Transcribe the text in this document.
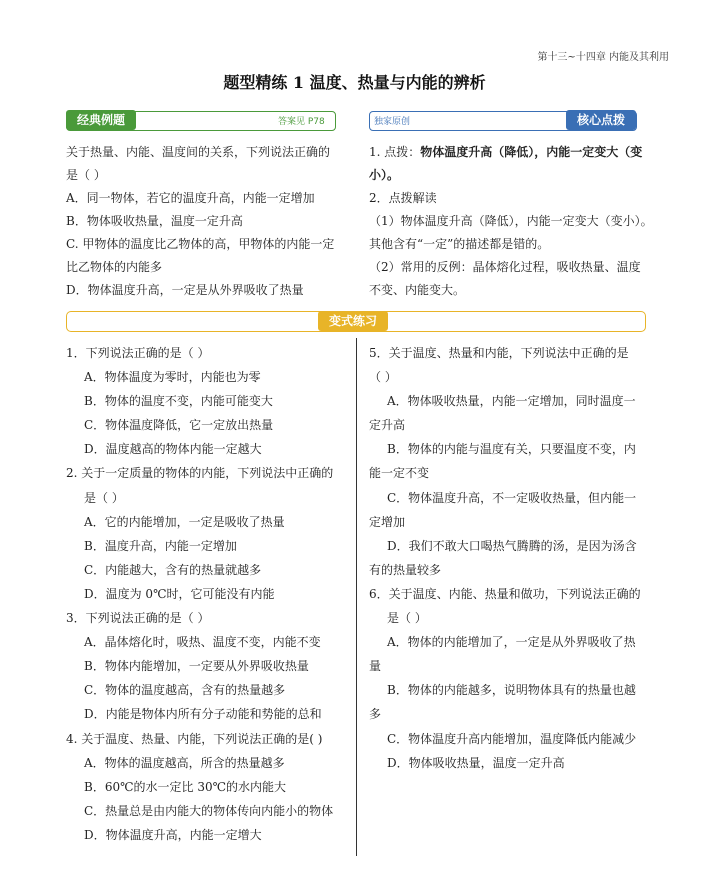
第十三~十四章 内能及其利用
题型精练 1 温度、热量与内能的辨析
经典例题	答案见 P78
关于热量、内能、温度间的关系，下列说法正确的
是（ ）
A．同一物体，若它的温度升高，内能一定增加
B．物体吸收热量，温度一定升高
C. 甲物体的温度比乙物体的高，甲物体的内能一定
比乙物体的内能多
D．物体温度升高，一定是从外界吸收了热量
独家原创	核心点拨
1. 点拨：物体温度升高（降低），内能一定变大（变
小）。
2．点拨解读
（1）物体温度升高（降低），内能一定变大（变小）。
其他含有“一定”的描述都是错的。
（2）常用的反例：晶体熔化过程，吸收热量、温度
不变、内能变大。
变式练习
1．下列说法正确的是（ ）
A．物体温度为零时，内能也为零
B．物体的温度不变，内能可能变大
C．物体温度降低，它一定放出热量
D．温度越高的物体内能一定越大
2. 关于一定质量的物体的内能，下列说法中正确的
是（ ）
A．它的内能增加，一定是吸收了热量
B．温度升高，内能一定增加
C．内能越大，含有的热量就越多
D．温度为 0℃时，它可能没有内能
3．下列说法正确的是（ ）
A．晶体熔化时，吸热、温度不变，内能不变
B．物体内能增加，一定要从外界吸收热量
C．物体的温度越高，含有的热量越多
D．内能是物体内所有分子动能和势能的总和
4. 关于温度、热量、内能，下列说法正确的是( )
A．物体的温度越高，所含的热量越多
B．60℃的水一定比 30℃的水内能大
C．热量总是由内能大的物体传向内能小的物体
D．物体温度升高，内能一定增大
5．关于温度、热量和内能，下列说法中正确的是
（ ）
A．物体吸收热量，内能一定增加，同时温度一
定升高
B．物体的内能与温度有关，只要温度不变，内
能一定不变
C．物体温度升高，不一定吸收热量，但内能一
定增加
D．我们不敢大口喝热气腾腾的汤，是因为汤含
有的热量较多
6．关于温度、内能、热量和做功，下列说法正确的
是（ ）
A．物体的内能增加了，一定是从外界吸收了热
量
B．物体的内能越多，说明物体具有的热量也越
多
C．物体温度升高内能增加，温度降低内能减少
D．物体吸收热量，温度一定升高
